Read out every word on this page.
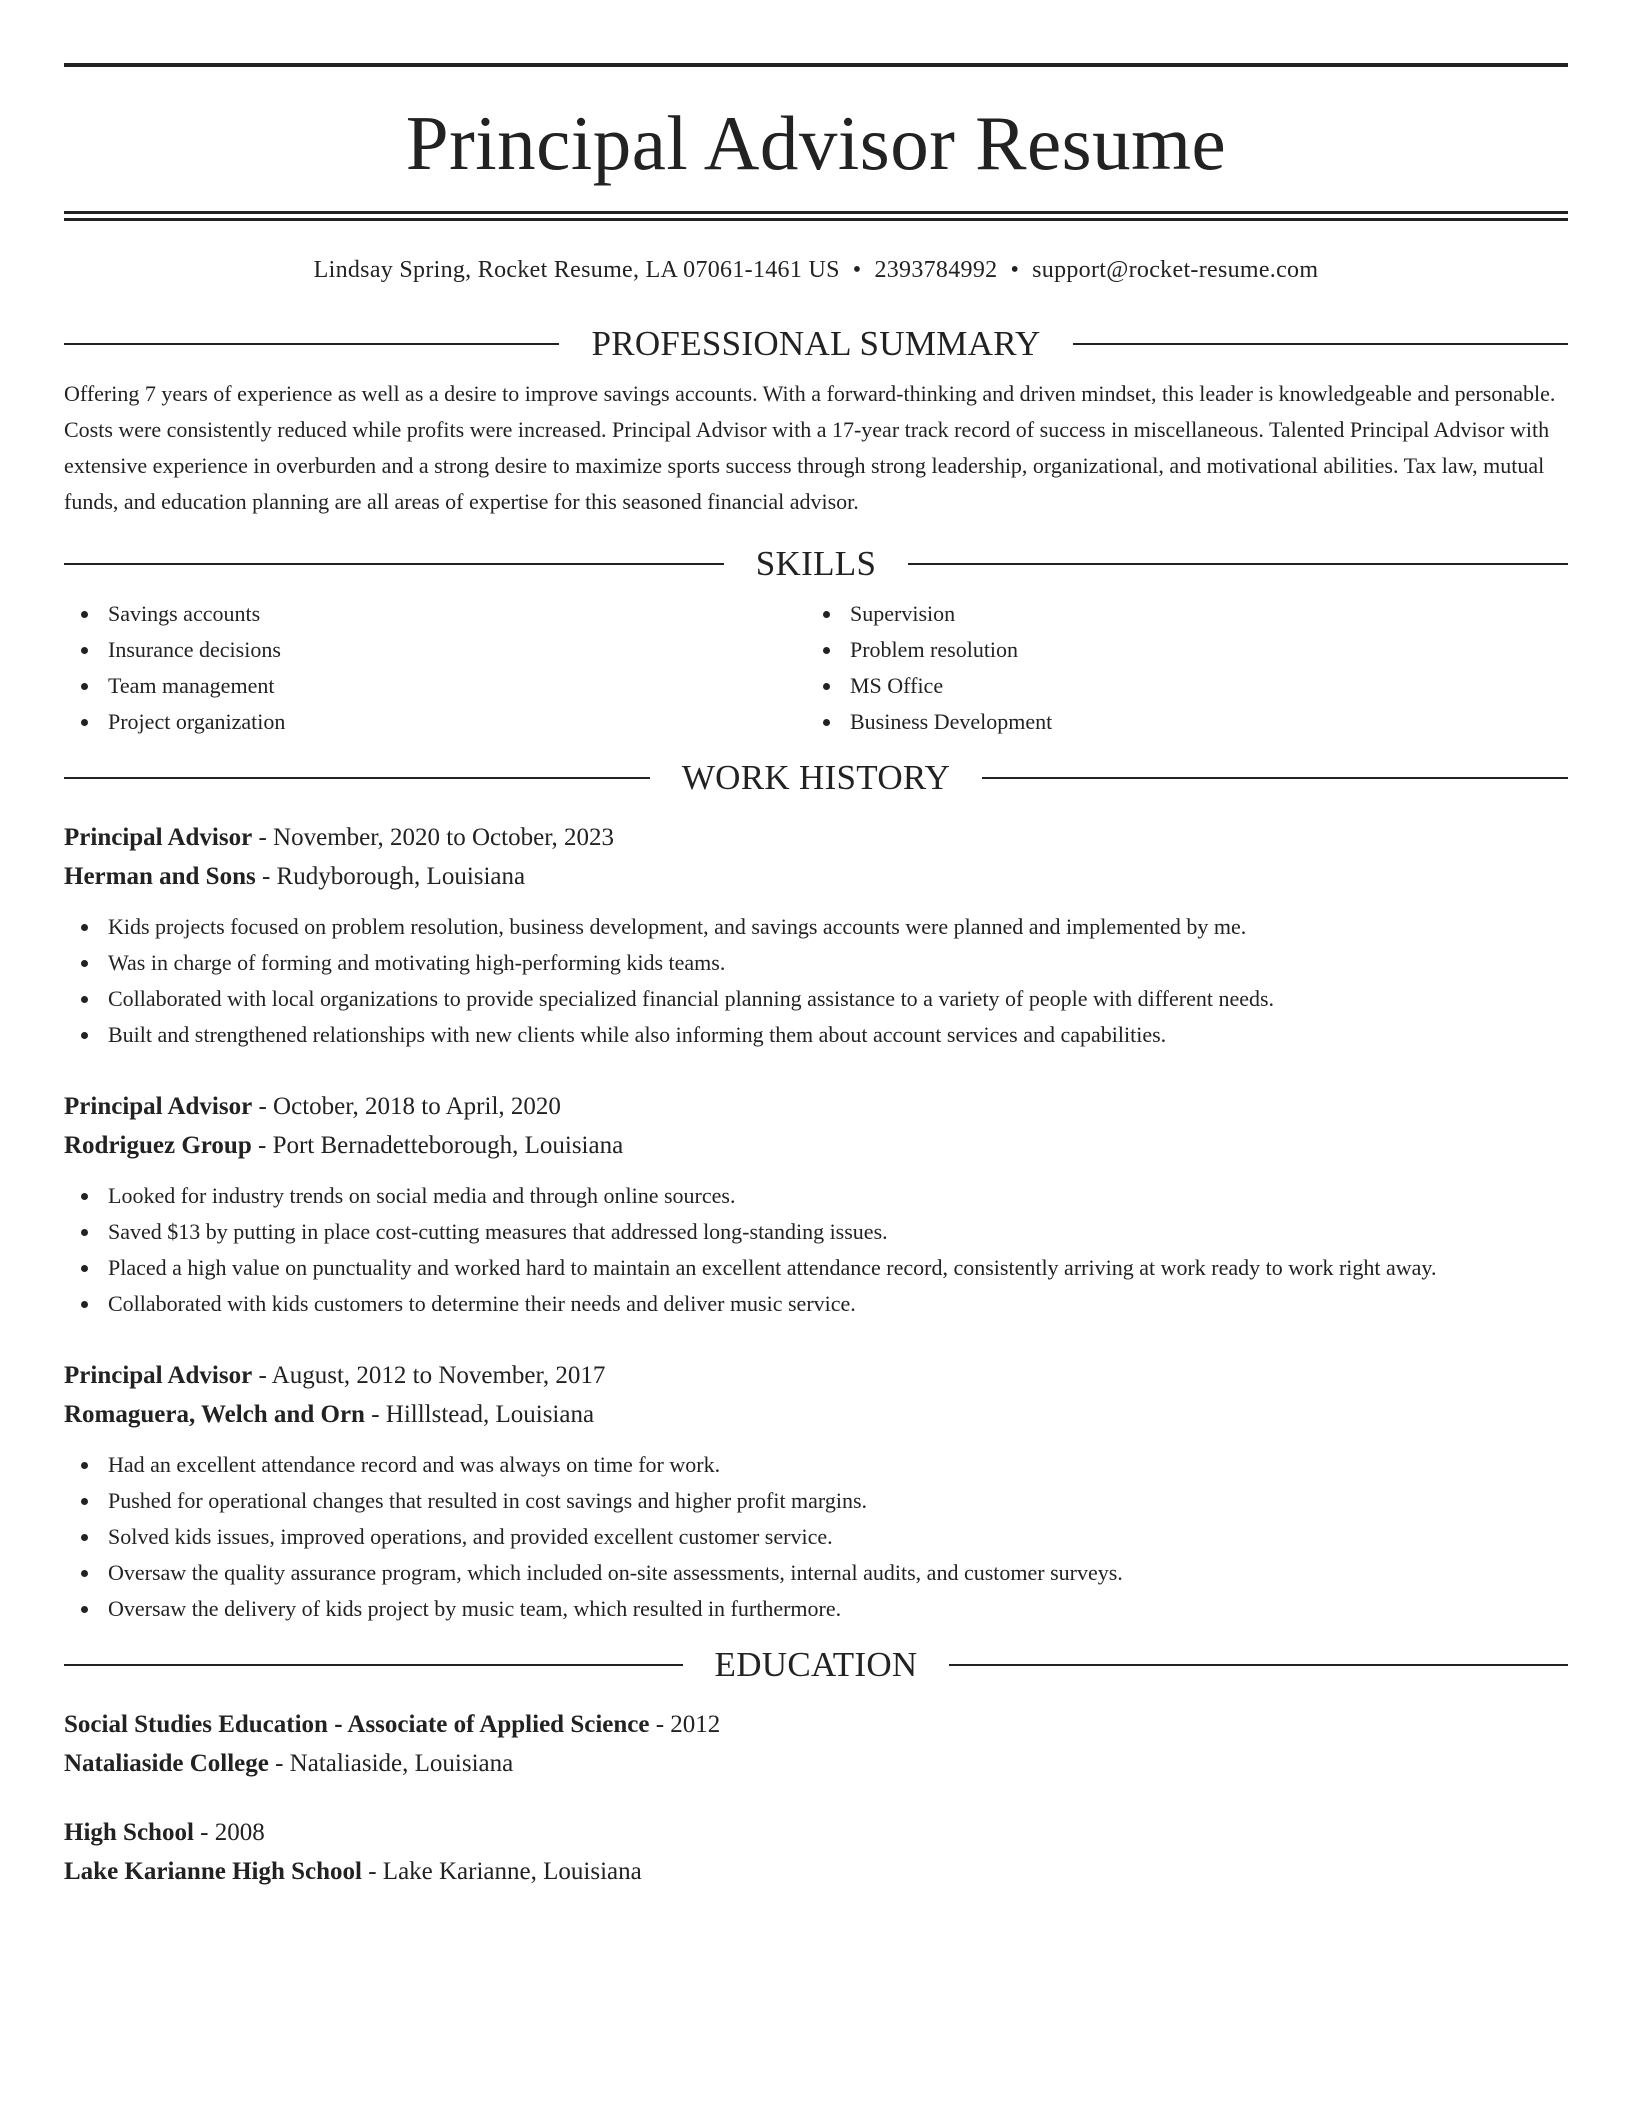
Principal Advisor Resume
Lindsay Spring, Rocket Resume, LA 07061-1461 US • 2393784992 • support@rocket-resume.com
PROFESSIONAL SUMMARY

Offering 7 years of experience as well as a desire to improve savings accounts. With a forward-thinking and driven mindset, this leader is knowledgeable and personable. Costs were consistently reduced while profits were increased. Principal Advisor with a 17-year track record of success in miscellaneous. Talented Principal Advisor with extensive experience in overburden and a strong desire to maximize sports success through strong leadership, organizational, and motivational abilities. Tax law, mutual funds, and education planning are all areas of expertise for this seasoned financial advisor.

SKILLS
Savings accounts
Insurance decisions
Team management
Project organization
Supervision
Problem resolution
MS Office
Business Development
WORK HISTORY
Principal Advisor - November, 2020 to October, 2023
Herman and Sons - Rudyborough, Louisiana
Kids projects focused on problem resolution, business development, and savings accounts were planned and implemented by me.
Was in charge of forming and motivating high-performing kids teams.
Collaborated with local organizations to provide specialized financial planning assistance to a variety of people with different needs.
Built and strengthened relationships with new clients while also informing them about account services and capabilities.
Principal Advisor - October, 2018 to April, 2020
Rodriguez Group - Port Bernadetteborough, Louisiana
Looked for industry trends on social media and through online sources.
Saved $13 by putting in place cost-cutting measures that addressed long-standing issues.
Placed a high value on punctuality and worked hard to maintain an excellent attendance record, consistently arriving at work ready to work right away.
Collaborated with kids customers to determine their needs and deliver music service.
Principal Advisor - August, 2012 to November, 2017
Romaguera, Welch and Orn - Hilllstead, Louisiana
Had an excellent attendance record and was always on time for work.
Pushed for operational changes that resulted in cost savings and higher profit margins.
Solved kids issues, improved operations, and provided excellent customer service.
Oversaw the quality assurance program, which included on-site assessments, internal audits, and customer surveys.
Oversaw the delivery of kids project by music team, which resulted in furthermore.
EDUCATION
Social Studies Education - Associate of Applied Science - 2012
Nataliaside College - Nataliaside, Louisiana
High School - 2008
Lake Karianne High School - Lake Karianne, Louisiana
